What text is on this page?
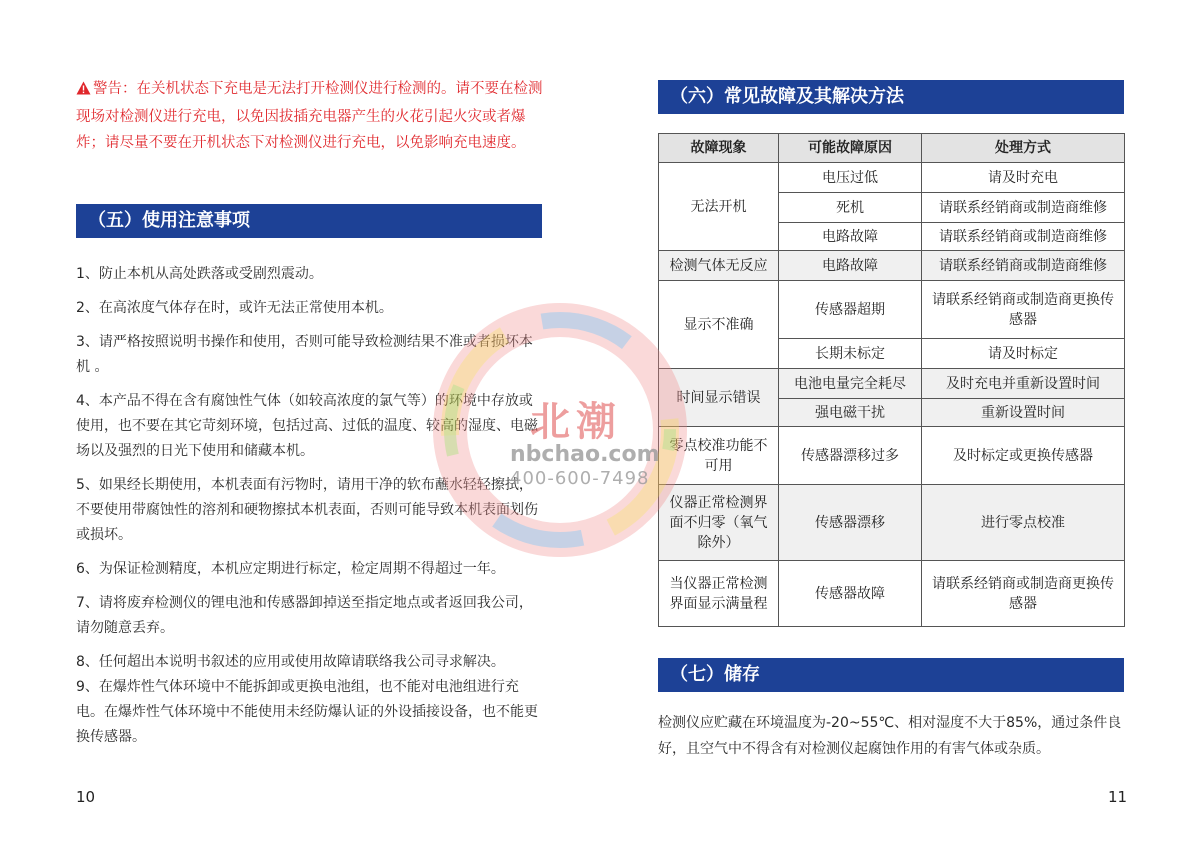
警告：在关机状态下充电是无法打开检测仪进行检测的。请不要在检测现场对检测仪进行充电，以免因拔插充电器产生的火花引起火灾或者爆炸；请尽量不要在开机状态下对检测仪进行充电，以免影响充电速度。
（五）使用注意事项

1、防止本机从高处跌落或受剧烈震动。

2、在高浓度气体存在时，或许无法正常使用本机。

3、请严格按照说明书操作和使用，否则可能导致检测结果不准或者损坏本机 。

4、本产品不得在含有腐蚀性气体（如较高浓度的氯气等）的环境中存放或使用，也不要在其它苛刻环境，包括过高、过低的温度、较高的湿度、电磁场以及强烈的日光下使用和储藏本机。

5、如果经长期使用，本机表面有污物时，请用干净的软布蘸水轻轻擦拭，不要使用带腐蚀性的溶剂和硬物擦拭本机表面，否则可能导致本机表面划伤或损坏。

6、为保证检测精度，本机应定期进行标定，检定周期不得超过一年。

7、请将废弃检测仪的锂电池和传感器卸掉送至指定地点或者返回我公司，请勿随意丢弃。

8、任何超出本说明书叙述的应用或使用故障请联络我公司寻求解决。

9、在爆炸性气体环境中不能拆卸或更换电池组，也不能对电池组进行充电。在爆炸性气体环境中不能使用未经防爆认证的外设插接设备，也不能更换传感器。

10
（六）常见故障及其解决方法
（七）储存
故障现象	可能故障原因	处理方式
无法开机	电压过低	请及时充电
	死机	请联系经销商或制造商维修
	电路故障	请联系经销商或制造商维修
检测气体无反应	电路故障	请联系经销商或制造商维修
显示不准确	传感器超期	请联系经销商或制造商更换传感器
	长期未标定	请及时标定
时间显示错误	电池电量完全耗尽	及时充电并重新设置时间
	强电磁干扰	重新设置时间
零点校准功能不可用	传感器漂移过多	及时标定或更换传感器
仪器正常检测界面不归零（氧气除外）	传感器漂移	进行零点校准
当仪器正常检测界面显示满量程	传感器故障	请联系经销商或制造商更换传感器
检测仪应贮藏在环境温度为-20~55℃、相对湿度不大于85%，通过条件良好，且空气中不得含有对检测仪起腐蚀作用的有害气体或杂质。
11
北潮
nbchao.com
400-600-7498
